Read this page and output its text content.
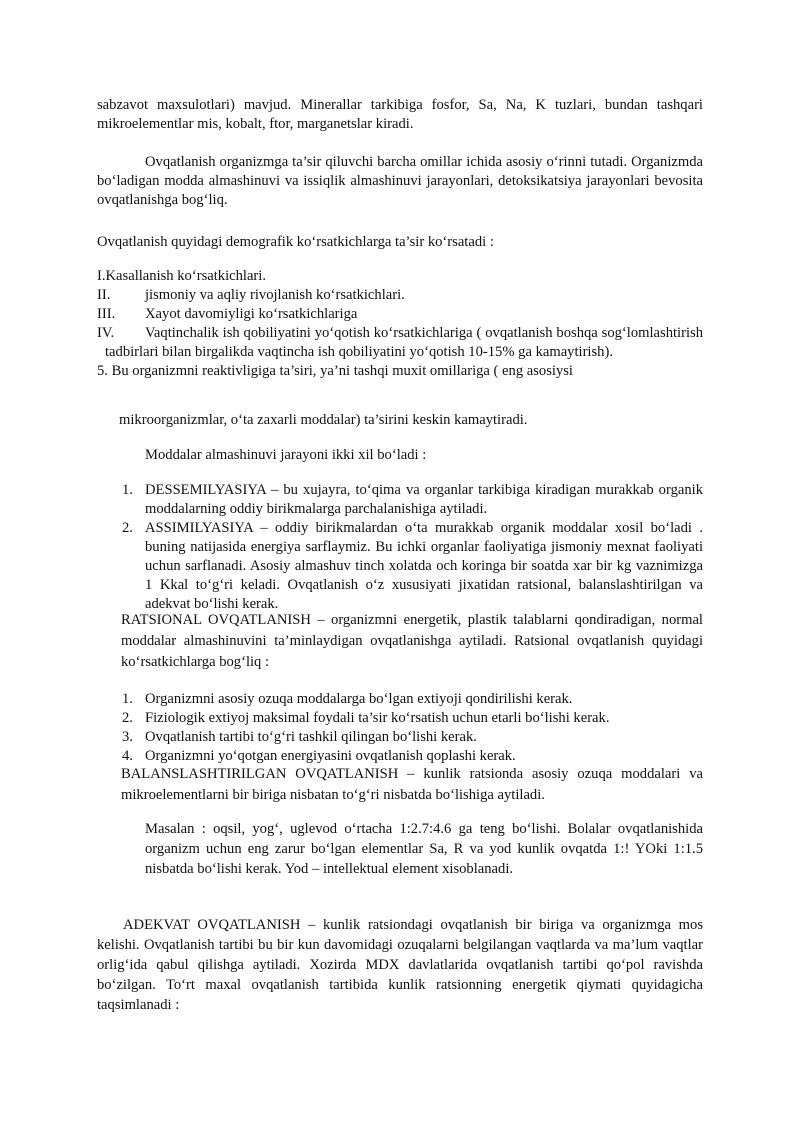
sabzavot maxsulotlari) mavjud. Minerallar tarkibiga fosfor, Sa, Na, K tuzlari, bundan tashqari mikroelementlar mis, kobalt, ftor, marganetslar kiradi.

Ovqatlanish organizmga ta’sir qiluvchi barcha omillar ichida asosiy o‘rinni tutadi. Organizmda bo‘ladigan modda almashinuvi va issiqlik almashinuvi jarayonlari, detoksikatsiya jarayonlari bevosita ovqatlanishga bog‘liq.

Ovqatlanish quyidagi demografik ko‘rsatkichlarga ta’sir ko‘rsatadi :

I.Kasallanish ko‘rsatkichlari.
II.	jismoniy va aqliy rivojlanish ko‘rsatkichlari.
III.	Xayot davomiyligi ko‘rsatkichlariga
IV.	Vaqtinchalik ish qobiliyatini yo‘qotish ko‘rsatkichlariga ( ovqatlanish boshqa sog‘lomlashtirish tadbirlari bilan birgalikda vaqtincha ish qobiliyatini yo‘qotish 10-15% ga kamaytirish).
5. Bu organizmni reaktivligiga ta’siri, ya’ni tashqi muxit omillariga ( eng asosiysi

mikroorganizmlar, o‘ta zaxarli moddalar) ta’sirini keskin kamaytiradi.

Moddalar almashinuvi jarayoni ikki xil bo‘ladi :

1. DESSEMILYASIYA – bu xujayra, to‘qima va organlar tarkibiga kiradigan murakkab organik moddalarning oddiy birikmalarga parchalanishiga aytiladi.
2. ASSIMILYASIYA – oddiy birikmalardan o‘ta murakkab organik moddalar xosil bo‘ladi . buning natijasida energiya sarflaymiz. Bu ichki organlar faoliyatiga jismoniy mexnat faoliyati uchun sarflanadi. Asosiy almashuv tinch xolatda och koringa bir soatda xar bir kg vaznimizga 1 Kkal to‘g‘ri keladi. Ovqatlanish o‘z xususiyati jixatidan ratsional, balanslashtirilgan va adekvat bo‘lishi kerak.

RATSIONAL OVQATLANISH – organizmni energetik, plastik talablarni qondiradigan, normal moddalar almashinuvini ta’minlaydigan ovqatlanishga aytiladi. Ratsional ovqatlanish quyidagi ko‘rsatkichlarga bog‘liq :

1. Organizmni asosiy ozuqa moddalarga bo‘lgan extiyoji qondirilishi kerak.
2. Fiziologik extiyoj maksimal foydali ta’sir ko‘rsatish uchun etarli bo‘lishi kerak.
3. Ovqatlanish tartibi to‘g‘ri tashkil qilingan bo‘lishi kerak.
4. Organizmni yo‘qotgan energiyasini ovqatlanish qoplashi kerak.

BALANSLASHTIRILGAN OVQATLANISH – kunlik ratsionda asosiy ozuqa moddalari va mikroelementlarni bir biriga nisbatan to‘g‘ri nisbatda bo‘lishiga aytiladi.

Masalan : oqsil, yog‘, uglevod o‘rtacha 1:2.7:4.6 ga teng bo‘lishi. Bolalar ovqatlanishida organizm uchun eng zarur bo‘lgan elementlar Sa, R va yod kunlik ovqatda 1:! YOki 1:1.5 nisbatda bo‘lishi kerak. Yod – intellektual element xisoblanadi.

ADEKVAT OVQATLANISH – kunlik ratsiondagi ovqatlanish bir biriga va organizmga mos kelishi. Ovqatlanish tartibi bu bir kun davomidagi ozuqalarni belgilangan vaqtlarda va ma’lum vaqtlar orlig‘ida qabul qilishga aytiladi. Xozirda MDX davlatlarida ovqatlanish tartibi qo‘pol ravishda bo‘zilgan. To‘rt maxal ovqatlanish tartibida kunlik ratsionning energetik qiymati quyidagicha taqsimlanadi :
